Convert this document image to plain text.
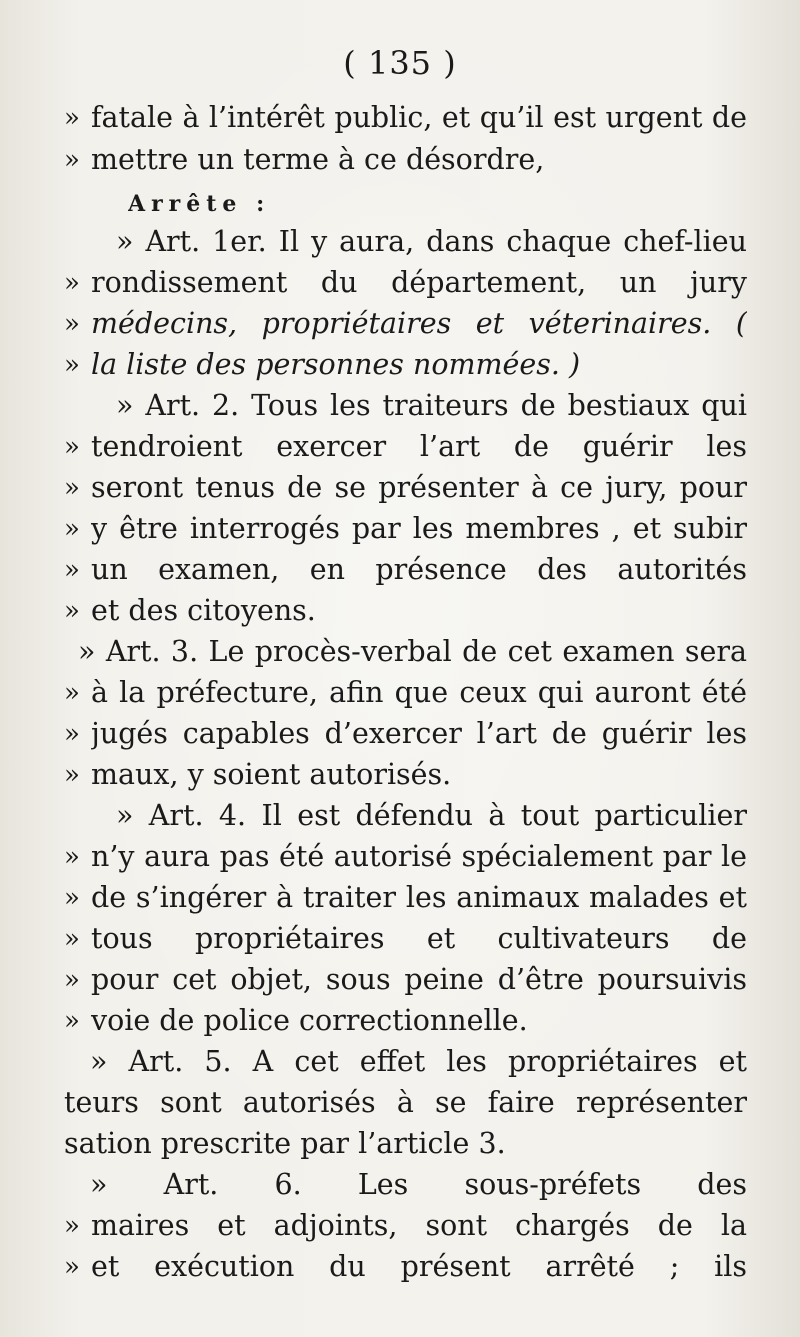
( 135 )
» fatale à l’intérêt public, et qu’il est urgent de
» mettre un terme à ce désordre,
Arrête :
» Art. 1er. Il y aura, dans chaque chef-lieu
» rondissement du département, un jury
» médecins, propriétaires et véterinaires. (
» la liste des personnes nommées. )
» Art. 2. Tous les traiteurs de bestiaux qui
» tendroient exercer l’art de guérir les
» seront tenus de se présenter à ce jury, pour
» y être interrogés par les membres , et subir
» un examen, en présence des autorités
» et des citoyens.
» Art. 3. Le procès-verbal de cet examen sera
» à la préfecture, afin que ceux qui auront été
» jugés capables d’exercer l’art de guérir les
» maux, y soient autorisés.
» Art. 4. Il est défendu à tout particulier
» n’y aura pas été autorisé spécialement par le
» de s’ingérer à traiter les animaux malades et
» tous propriétaires et cultivateurs de
» pour cet objet, sous peine d’être poursuivis
» voie de police correctionnelle.
» Art. 5. A cet effet les propriétaires et
teurs sont autorisés à se faire représenter
sation prescrite par l’article 3.
» Art. 6. Les sous-préfets des
» maires et adjoints, sont chargés de la
» et exécution du présent arrêté ; ils
